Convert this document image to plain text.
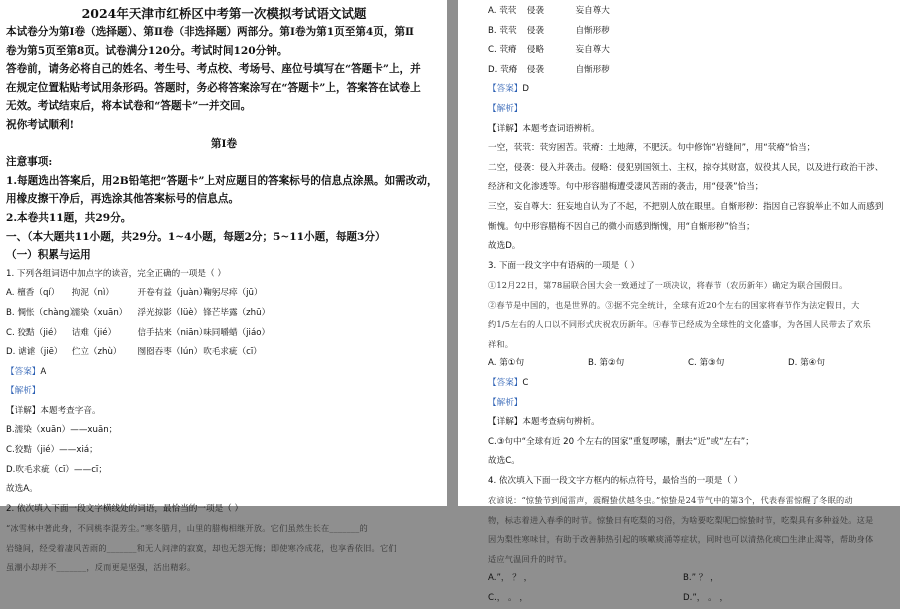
2024年天津市红桥区中考第一次模拟考试语文试题
本试卷分为第Ⅰ卷（选择题）、第Ⅱ卷（非选择题）两部分。第Ⅰ卷为第1页至第4页，第Ⅱ
卷为第5页至第8页。试卷满分120分。考试时间120分钟。
答卷前，请务必将自己的姓名、考生号、考点校、考场号、座位号填写在“答题卡”上，并
在规定位置粘贴考试用条形码。答题时，务必将答案涂写在“答题卡”上，答案答在试卷上
无效。考试结束后，将本试卷和“答题卡”一并交回。
祝你考试顺利!
第Ⅰ卷
注意事项:
1.每题选出答案后，用2B铅笔把“答题卡”上对应题目的答案标号的信息点涂黑。如需改动，
用橡皮擦干净后，再选涂其他答案标号的信息点。
2.本卷共11题，共29分。
一、（本大题共11小题，共29分。1~4小题，每题2分；5~11小题，每题3分）
（一）积累与运用
1. 下列各组词语中加点字的读音，完全正确的一项是（ ）
A. 檀香（qí） 拘泥（nì）	开卷有益（juàn） 鞠躬尽瘁（jū）
B. 惆怅（chàng） 濡染（xuān） 浮光掠影（lüè） 锋芒毕露（zhū）
C. 狡黠（jié） 诘难（jié） 信手拈来（niān） 味同嚼蜡（jiáo）
D. 谑谑（jiē） 伫立（zhù） 囫囵吞枣（lún） 吹毛求疵（cī）
【答案】A
【解析】
【详解】本题考查字音。
B.濡染（xuān）——xuān；
C.狡黠（jié）——xiá；
D.吹毛求疵（cī）——cī；
故选A。
2. 依次填入下面一段文字横线处的词语，最恰当的一项是（ ）
“冰雪林中著此身，不同桃李混芳尘。”寒冬腊月，山里的腊梅相继开放。它们虽然生长在_______的
岩缝间，经受着凄风苦雨的_______和无人问津的寂寞，却也无怨无悔；即使寒冷成花，也享香依旧。它们
虽潮小却并不_______，反而更是坚强，活出精彩。
A. 茕茕 侵袭	妄自尊大
B. 茕茕 侵袭	自惭形秽
C. 茕瘠 侵略	妄自尊大
D. 茕瘠 侵袭	自惭形秽
【答案】D
【解析】
【详解】本题考查词语辨析。
一空，茕茕：茕穷困苦。茕瘠：土地薄，不肥沃。句中修饰“岩缝间”，用“茕瘠”恰当；
二空，侵袭：侵入并袭击。侵略：侵犯别国领土、主权，掠夺其财富，奴役其人民，以及进行政治干涉、
经济和文化渗透等。句中形容腊梅遭受凄风苦雨的袭击，用“侵袭”恰当；
三空，妄自尊大：狂妄地自认为了不起，不把别人放在眼里。自惭形秽：指因自己容貌举止不如人而感到
惭愧。句中形容腊梅不因自己的微小而感到惭愧，用“自惭形秽”恰当；
故选D。
3. 下面一段文字中有语病的一项是（ ）
①12月22日，第78届联合国大会一致通过了一项决议，将春节（农历新年）确定为联合国假日。
②春节是中国的，也是世界的。③据不完全统计，全球有近20个左右的国家将春节作为法定假日，大
约1/5左右的人口以不同形式庆祝农历新年。④春节已经成为全球性的文化盛事，为各国人民带去了欢乐
祥和。
A. 第①句	B. 第②句	C. 第③句	D. 第④句
【答案】C
【解析】
【详解】本题考查病句辨析。
C.③句中“全球有近 20 个左右的国家”重复啰嗦，删去“近”或“左右”；
故选C。
4. 依次填入下面一段文字方框内的标点符号，最恰当的一项是（ ）
农谚说：“惊蛰节到闻雷声，震醒蛰伏越冬虫。”惊蛰是24节气中的第3个，代表春雷惊醒了冬眠的动
物，标志着进入春季的时节。惊蛰日有吃梨的习俗，为啥要吃梨呢□惊蛰时节，吃梨具有多种益处。这是
因为梨性寒味甘，有助于改善肺热引起的咳嗽痰涌等症状，同时也可以清热化痰□生津止渴等，帮助身体
适应气温回升的时节。
A.”， ？ ，	B.” ？ ，
C.， 。 ，	D.”， 。 ，
